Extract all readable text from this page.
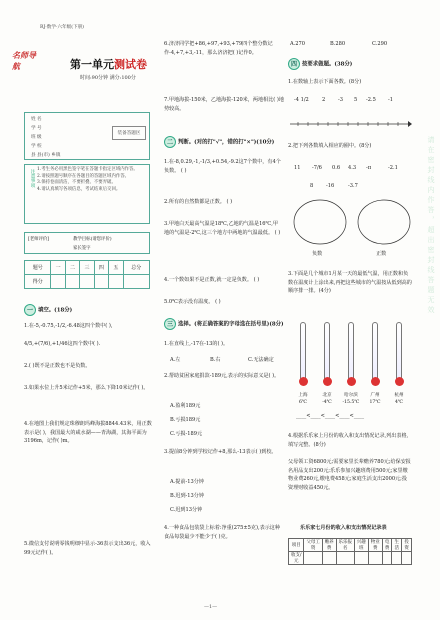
RJ·数学·六年级(下册)
名师导航	第一单元测试卷
时间:90分钟 满分:100分
姓 名
学 号
班 级
学 校
县 县(市) 乡镇
装备答题区
注意事项 1.考生务必用黑色签字笔在答题卡指定区域内作答。
2.请按照题号顺序在各题目的答题区域内作答。
3.保持卷面清洁，不要折叠、不要弄破。
4.请认真填写各项信息，考试结束后交回。
[老师评价]	教学目标(请您评价)
家长签字
题号	一	二	三	四	五	总分
得分						
一 填空。(18分)
1.在-5,-0.75,-1/2,-6.48这四个数中( ),
4/5,+(7/6),+1/46这四个数中( ).
2.( )既不是正数也不是负数。
3.如果水位上升5米记作+5米，那么下降10米记作( )。
4.在地图上我们规定珠穆朗玛峰海拔8844.43米，用正数表示是( )，我国最大的咸水湖——青海湖，其海平面为3196m，记作( )m。
5.微信支付说明零钱明细中显示-36表示支出36元，收入99元记作( )。
6.济济同学把+86,+97,+93,+79四个整分数记作-4,+7,+3,-11，那么济济把( )记作0。
7.甲地海拔-150米，乙地海拔-120米，两地相比( )地势较高。
二 判断。(对的打"√"，错的打"×")(10分)
1.在-8,0.29,-1,-1/3,+0.54,-9.2这7个数中，有4个负数。 ( )
2.所有的自然数都是正数。 ( )
3.甲地白天最高气温是18℃,乙地的气温是16℃,甲地的气温是-2℃,这三个地方中两地的气温最低。 ( )
4.一个数如果不是正数,就一定是负数。 ( )
5.0℃表示没有温度。 ( )
三 选择。(将正确答案的字母选在括号里)(8分)
1.在直线上,-17在-13的( )。
A.左	B.右	C.无法确定
2.帮助贫困家庭捐款-189元,表示的实际意义是( )。
A.盈利189元
B.亏损189元
C.亏损-189元
3.提前8分钟到学校记作+8,那么-13表示( )到校。
A.提前-13分钟
B.迟到-13分钟
C.迟到13分钟
4.一种食品包装袋上标着:净重(275±5克),表示这种食品每袋最少不能少于( )克。
A.270	B.280	C.290
四 按要求做题。(38分)
1.在数轴上表示下面各数。(8分)
-4 1/2	2	-3 5 -2.5 -1
2.把下列各数填入相应的圈中。(8分)
11 -7/6 0.6 4.3 -π	-2.1
8	-16	-3.7
负数	正数
3.下面是几个城市1月某一天的最低气温，用正数和负数在温度计上涂出来,再把这些城市的气温按从低到高的顺序排一排。(4分)
上海	北京	哈尔滨	广州	杭州
6℃	-4℃	-15.5℃	17℃	4℃
____<____<____<____<____
4.根据乐乐家上月份的收入和支出情况记录,列出表格,填写完整。(8分)
父母领工资6800元;需要家里长辈赡养780元;给保安报名用品支出200元;乐乐参加兴趣班费用500元;家里缴物业费260元,缴电费458元;家庭生活支出2000元;投资理财收益450元。
乐乐家七月份的收入和支出情况记录表
项目	父母工资	赡养费	乐乐报名	兴趣班	物业费	电费	生活	投资
收支/元								
请在密封线内作答，超出密封线答题无效
—1—
